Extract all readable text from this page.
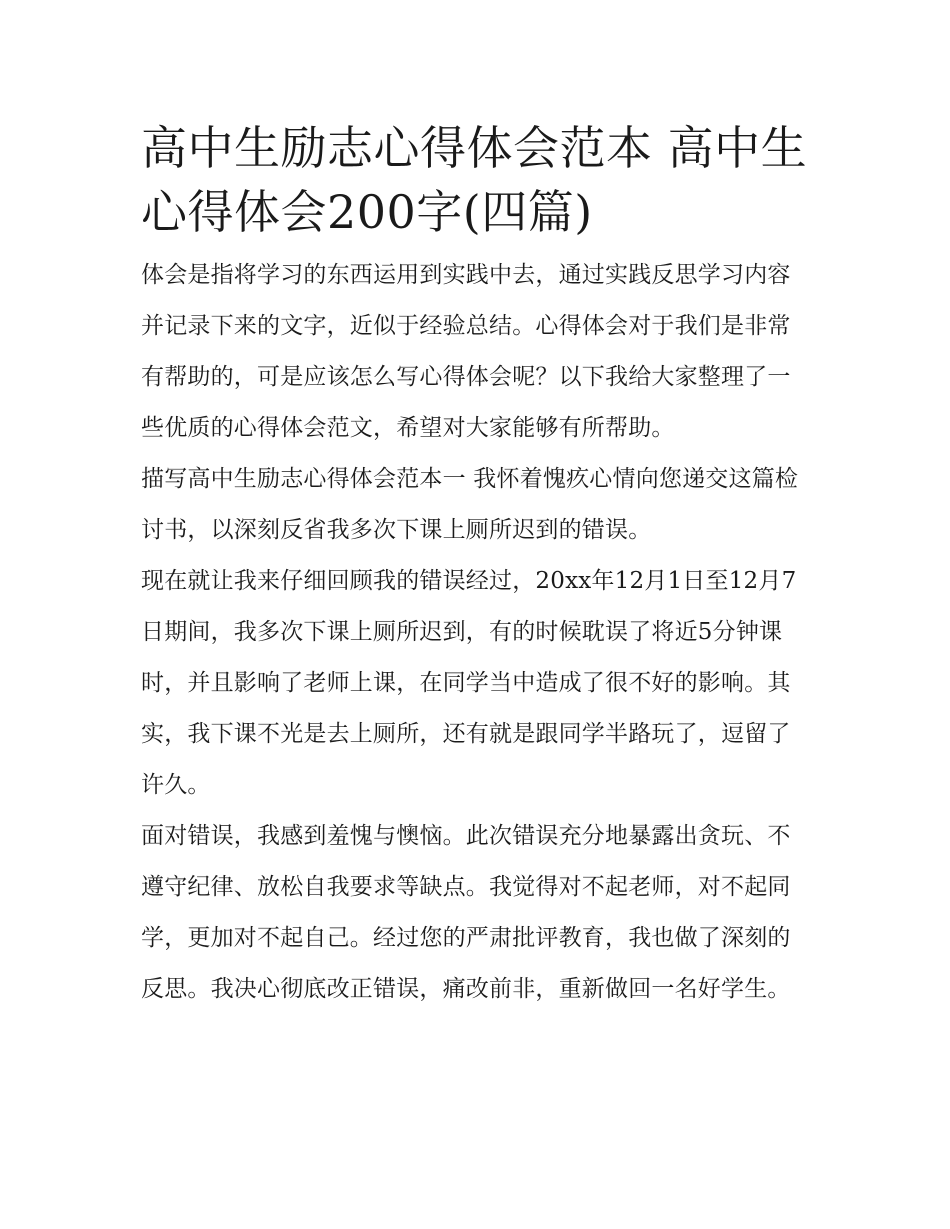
高中生励志心得体会范本 高中生心得体会200字(四篇)

体会是指将学习的东西运用到实践中去，通过实践反思学习内容并记录下来的文字，近似于经验总结。心得体会对于我们是非常有帮助的，可是应该怎么写心得体会呢？以下我给大家整理了一些优质的心得体会范文，希望对大家能够有所帮助。

描写高中生励志心得体会范本一 我怀着愧疚心情向您递交这篇检讨书，以深刻反省我多次下课上厕所迟到的错误。

现在就让我来仔细回顾我的错误经过，20xx年12月1日至12月7日期间，我多次下课上厕所迟到，有的时候耽误了将近5分钟课时，并且影响了老师上课，在同学当中造成了很不好的影响。其实，我下课不光是去上厕所，还有就是跟同学半路玩了，逗留了许久。

面对错误，我感到羞愧与懊恼。此次错误充分地暴露出贪玩、不遵守纪律、放松自我要求等缺点。我觉得对不起老师，对不起同学，更加对不起自己。经过您的严肃批评教育，我也做了深刻的反思。我决心彻底改正错误，痛改前非，重新做回一名好学生。
